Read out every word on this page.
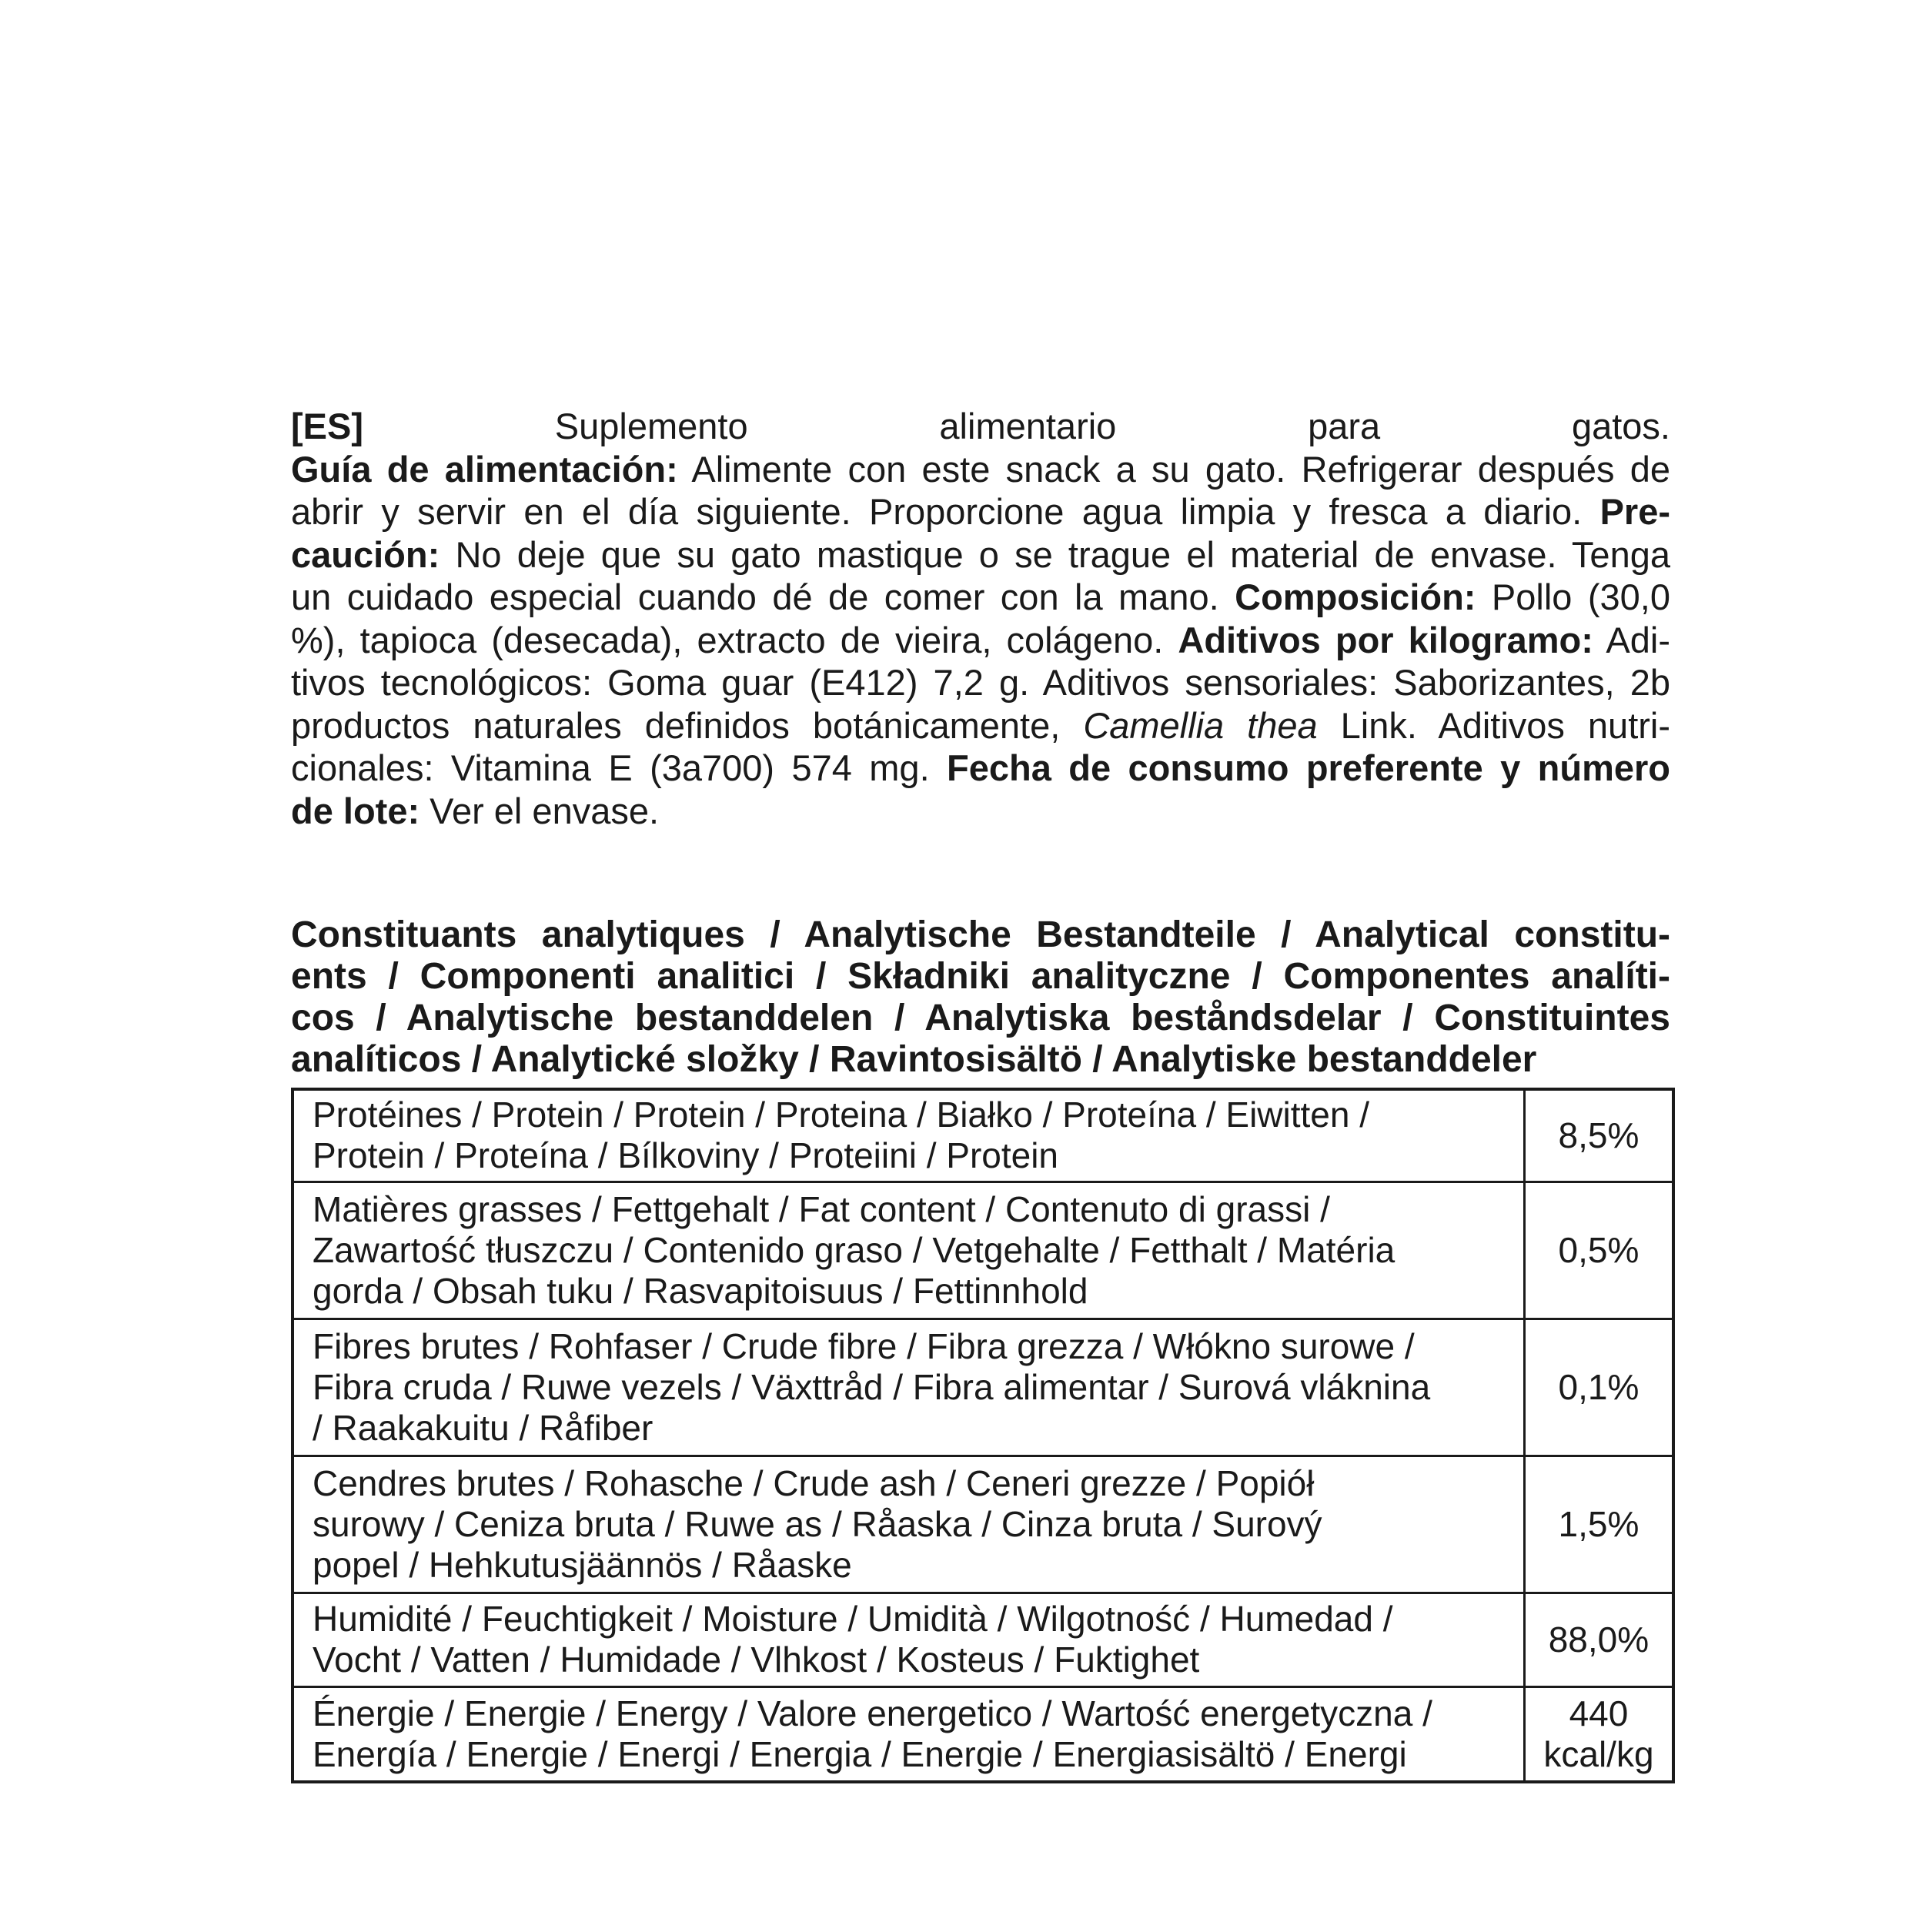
[ES] Suplemento alimentario para gatos.
Guía de alimentación: Alimente con este snack a su gato. Refrigerar después de
abrir y servir en el día siguiente. Proporcione agua limpia y fresca a diario. Pre-
caución: No deje que su gato mastique o se trague el material de envase. Tenga
un cuidado especial cuando dé de comer con la mano. Composición: Pollo (30,0
%), tapioca (desecada), extracto de vieira, colágeno. Aditivos por kilogramo: Adi-
tivos tecnológicos: Goma guar (E412) 7,2 g. Aditivos sensoriales: Saborizantes, 2b
productos naturales definidos botánicamente, Camellia thea Link. Aditivos nutri-
cionales: Vitamina E (3a700) 574 mg. Fecha de consumo preferente y número
de lote: Ver el envase.
Constituants analytiques / Analytische Bestandteile / Analytical constitu-
ents / Componenti analitici / Składniki analityczne / Componentes analíti-
cos / Analytische bestanddelen / Analytiska beståndsdelar / Constituintes
analíticos / Analytické složky / Ravintosisältö / Analytiske bestanddeler
Protéines / Protein / Protein / Proteina / Białko / Proteína / Eiwitten /
Protein / Proteína / Bílkoviny / Proteiini / Protein	8,5%

Matières grasses / Fettgehalt / Fat content / Contenuto di grassi /
Zawartość tłuszczu / Contenido graso / Vetgehalte / Fetthalt / Matéria
gorda / Obsah tuku / Rasvapitoisuus / Fettinnhold	0,5%

Fibres brutes / Rohfaser / Crude fibre / Fibra grezza / Włókno surowe /
Fibra cruda / Ruwe vezels / Växttråd / Fibra alimentar / Surová vláknina
/ Raakakuitu / Råfiber	0,1%

Cendres brutes / Rohasche / Crude ash / Ceneri grezze / Popiół
surowy / Ceniza bruta / Ruwe as / Råaska / Cinza bruta / Surový
popel / Hehkutusjäännös / Råaske	1,5%

Humidité / Feuchtigkeit / Moisture / Umidità / Wilgotność / Humedad /
Vocht / Vatten / Humidade / Vlhkost / Kosteus / Fuktighet	88,0%

Énergie / Energie / Energy / Valore energetico / Wartość energetyczna /
Energía / Energie / Energi / Energia / Energie / Energiasisältö / Energi	440
kcal/kg
